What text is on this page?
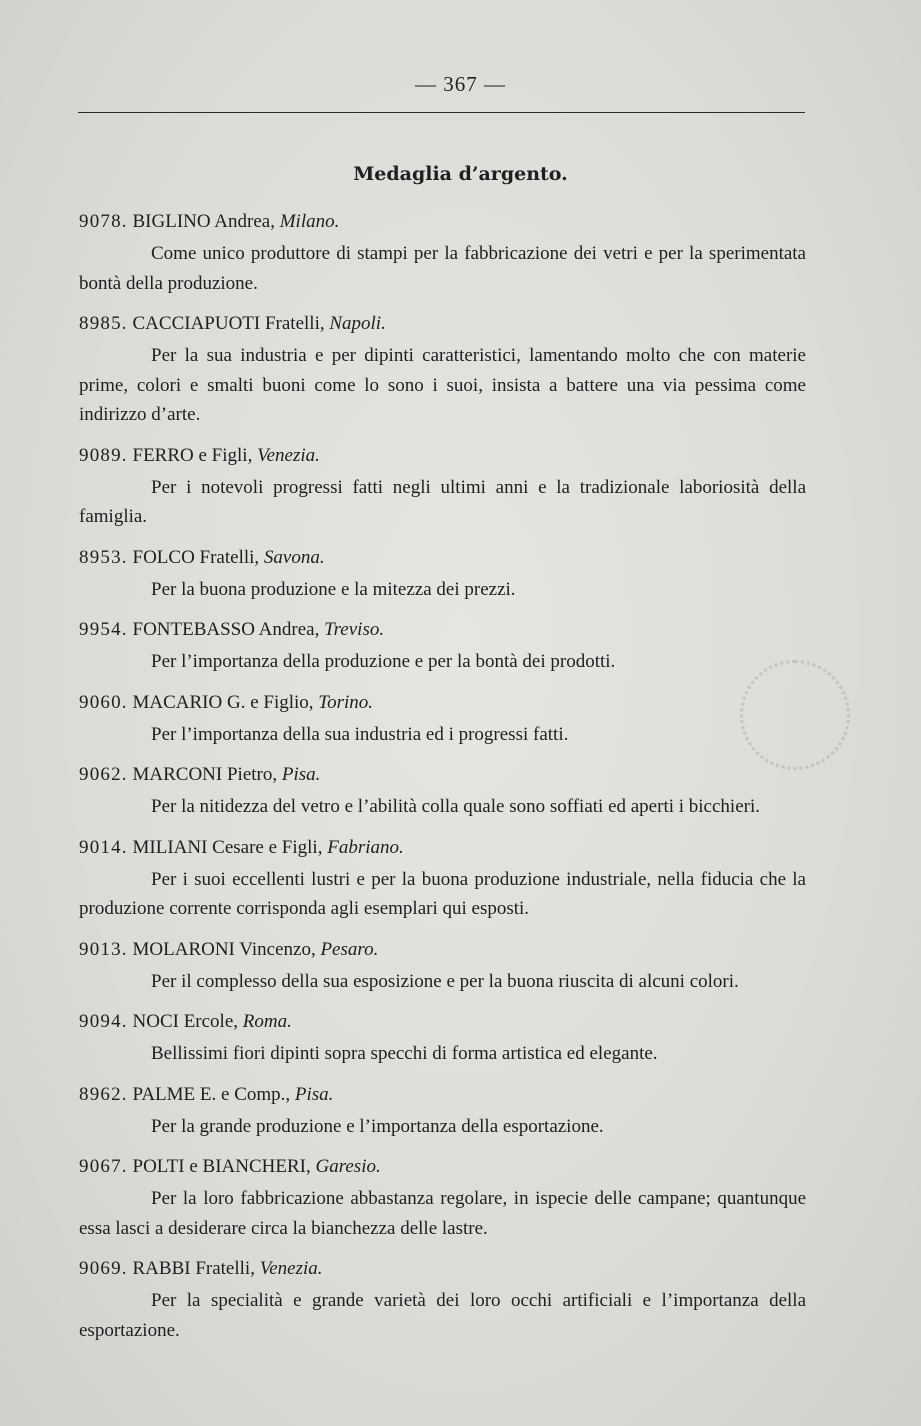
— 367 —
Medaglia d’argento.
9078. BIGLINO Andrea, Milano.
Come unico produttore di stampi per la fabbricazione dei vetri e per la sperimentata bontà della produzione.
8985. CACCIAPUOTI Fratelli, Napoli.
Per la sua industria e per dipinti caratteristici, lamentando molto che con materie prime, colori e smalti buoni come lo sono i suoi, insista a battere una via pessima come indirizzo d’arte.
9089. FERRO e Figli, Venezia.
Per i notevoli progressi fatti negli ultimi anni e la tradizionale laboriosità della famiglia.
8953. FOLCO Fratelli, Savona.
Per la buona produzione e la mitezza dei prezzi.
9954. FONTEBASSO Andrea, Treviso.
Per l’importanza della produzione e per la bontà dei prodotti.
9060. MACARIO G. e Figlio, Torino.
Per l’importanza della sua industria ed i progressi fatti.
9062. MARCONI Pietro, Pisa.
Per la nitidezza del vetro e l’abilità colla quale sono soffiati ed aperti i bicchieri.
9014. MILIANI Cesare e Figli, Fabriano.
Per i suoi eccellenti lustri e per la buona produzione industriale, nella fiducia che la produzione corrente corrisponda agli esemplari qui esposti.
9013. MOLARONI Vincenzo, Pesaro.
Per il complesso della sua esposizione e per la buona riuscita di alcuni colori.
9094. NOCI Ercole, Roma.
Bellissimi fiori dipinti sopra specchi di forma artistica ed elegante.
8962. PALME E. e Comp., Pisa.
Per la grande produzione e l’importanza della esportazione.
9067. POLTI e BIANCHERI, Garesio.
Per la loro fabbricazione abbastanza regolare, in ispecie delle campane; quantunque essa lasci a desiderare circa la bianchezza delle lastre.
9069. RABBI Fratelli, Venezia.
Per la specialità e grande varietà dei loro occhi artificiali e l’importanza della esportazione.
